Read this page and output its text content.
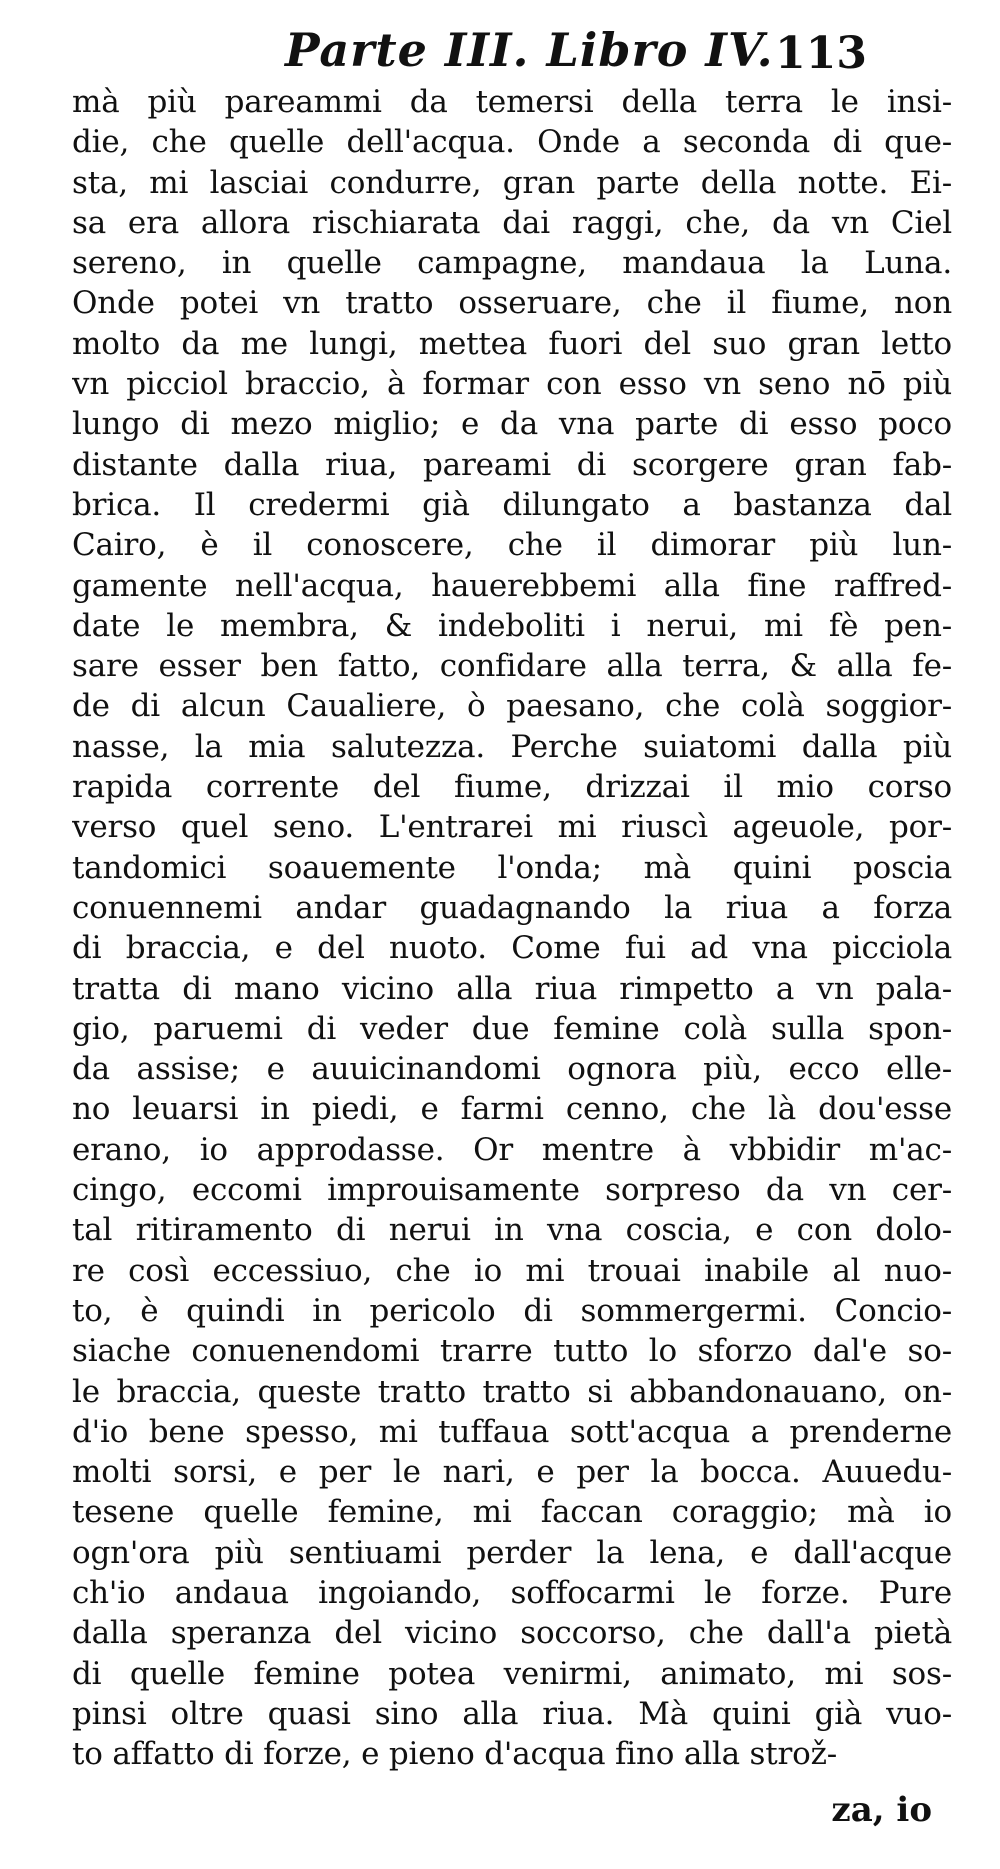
Parte III. Libro IV. 113
mà più pareammi da temersi della terra le insi-
die, che quelle dell'acqua. Onde a seconda di que-
sta, mi lasciai condurre, gran parte della notte. Ei-
sa era allora rischiarata dai raggi, che, da vn Ciel
sereno, in quelle campagne, mandaua la Luna.
Onde potei vn tratto osseruare, che il fiume, non
molto da me lungi, mettea fuori del suo gran letto
vn picciol braccio, à formar con esso vn seno nō più
lungo di mezo miglio; e da vna parte di esso poco
distante dalla riua, pareami di scorgere gran fab-
brica. Il credermi già dilungato a bastanza dal
Cairo, è il conoscere, che il dimorar più lun-
gamente nell'acqua, hauerebbemi alla fine raffred-
date le membra, & indeboliti i nerui, mi fè pen-
sare esser ben fatto, confidare alla terra, & alla fe-
de di alcun Caualiere, ò paesano, che colà soggior-
nasse, la mia salutezza. Perche suiatomi dalla più
rapida corrente del fiume, drizzai il mio corso
verso quel seno. L'entrarei mi riuscì ageuole, por-
tandomici soauemente l'onda; mà quini poscia
conuennemi andar guadagnando la riua a forza
di braccia, e del nuoto. Come fui ad vna picciola
tratta di mano vicino alla riua rimpetto a vn pala-
gio, paruemi di veder due femine colà sulla spon-
da assise; e auuicinandomi ognora più, ecco elle-
no leuarsi in piedi, e farmi cenno, che là dou'esse
erano, io approdasse. Or mentre à vbbidir m'ac-
cingo, eccomi improuisamente sorpreso da vn cer-
tal ritiramento di nerui in vna coscia, e con dolo-
re così eccessiuo, che io mi trouai inabile al nuo-
to, è quindi in pericolo di sommergermi. Concio-
siache conuenendomi trarre tutto lo sforzo dal'e so-
le braccia, queste tratto tratto si abbandonauano, on-
d'io bene spesso, mi tuffaua sott'acqua a prenderne
molti sorsi, e per le nari, e per la bocca. Auuedu-
tesene quelle femine, mi faccan coraggio; mà io
ogn'ora più sentiuami perder la lena, e dall'acque
ch'io andaua ingoiando, soffocarmi le forze. Pure
dalla speranza del vicino soccorso, che dall'a pietà
di quelle femine potea venirmi, animato, mi sos-
pinsi oltre quasi sino alla riua. Mà quini già vuo-
to affatto di forze, e pieno d'acqua fino alla strož-
za, io
